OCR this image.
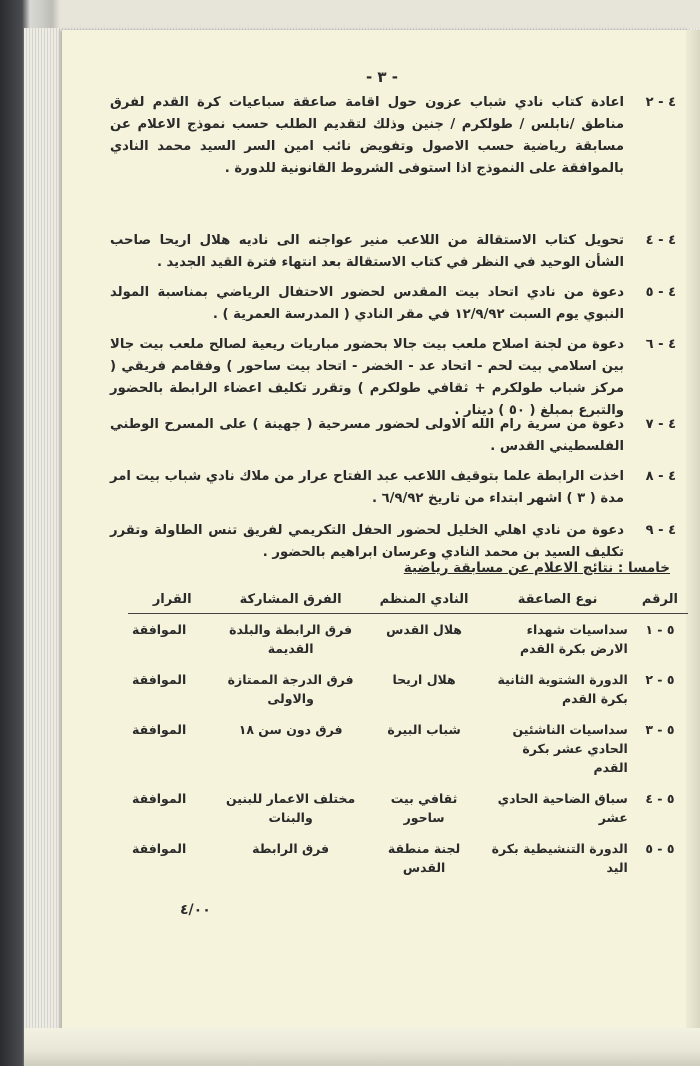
- ٣ -
٤ - ٢
اعادة كتاب نادي شباب عزون حول اقامة صاعقة سباعيات كرة القدم لفرق مناطق /نابلس / طولكرم / جنين وذلك لتقديم الطلب حسب نموذج الاعلام عن مسابقة رياضية حسب الاصول وتفويض نائب امين السر السيد محمد النادي بالموافقة على النموذج اذا استوفى الشروط القانونية للدورة .
٤ - ٤
تحويل كتاب الاستقالة من اللاعب منير عواجنه الى ناديه هلال اريحا صاحب الشأن الوحيد في النظر في كتاب الاستقالة بعد انتهاء فترة القيد الجديد .
٤ - ٥
دعوة من نادي اتحاد بيت المقدس لحضور الاحتفال الرياضي بمناسبة المولد النبوي يوم السبت ١٢/٩/٩٢ في مقر النادي ( المدرسة العمرية ) .
٤ - ٦
دعوة من لجنة اصلاح ملعب بيت جالا بحضور مباريات ريعية لصالح ملعب بيت جالا بين اسلامي بيت لحم - اتحاد عد - الخضر - اتحاد بيت ساحور ) وفقامم فريقي ( مركز شباب طولكرم + ثقافي طولكرم ) وتقرر تكليف اعضاء الرابطة بالحضور والتبرع بمبلغ ( ٥٠ ) دينار .
٤ - ٧
دعوة من سرية رام الله الاولى لحضور مسرحية ( جهينة ) على المسرح الوطني الفلسطيني القدس .
٤ - ٨
اخذت الرابطة علما بتوقيف اللاعب عبد الفتاح عرار من ملاك نادي شباب بيت امر مدة ( ٣ ) اشهر ابتداء من تاريخ ٦/٩/٩٢ .
٤ - ٩
دعوة من نادي اهلي الخليل لحضور الحفل التكريمي لفريق تنس الطاولة وتقرر تكليف السيد بن محمد النادي وعرسان ابراهيم بالحضور .
خامسا : نتائج الاعلام عن مسابقة رياضية
الرقم	نوع الصاعقة	النادي المنظم	الفرق المشاركة	القرار
٥ - ١	سداسيات شهداء الارض بكرة القدم	هلال القدس	فرق الرابطة والبلدة القديمة	الموافقة
٥ - ٢	الدورة الشتوية الثانية بكرة القدم	هلال اريحا	فرق الدرجة الممتازة والاولى	الموافقة
٥ - ٣	سداسيات الناشئين الحادي عشر بكرة القدم	شباب البيرة	فرق دون سن ١٨	الموافقة
٥ - ٤	سباق الضاحية الحادي عشر	ثقافي بيت ساحور	مختلف الاعمار للبنين والبنات	الموافقة
٥ - ٥	الدورة التنشيطية بكرة اليد	لجنة منطقة القدس	فرق الرابطة	الموافقة
٤/٠٠
